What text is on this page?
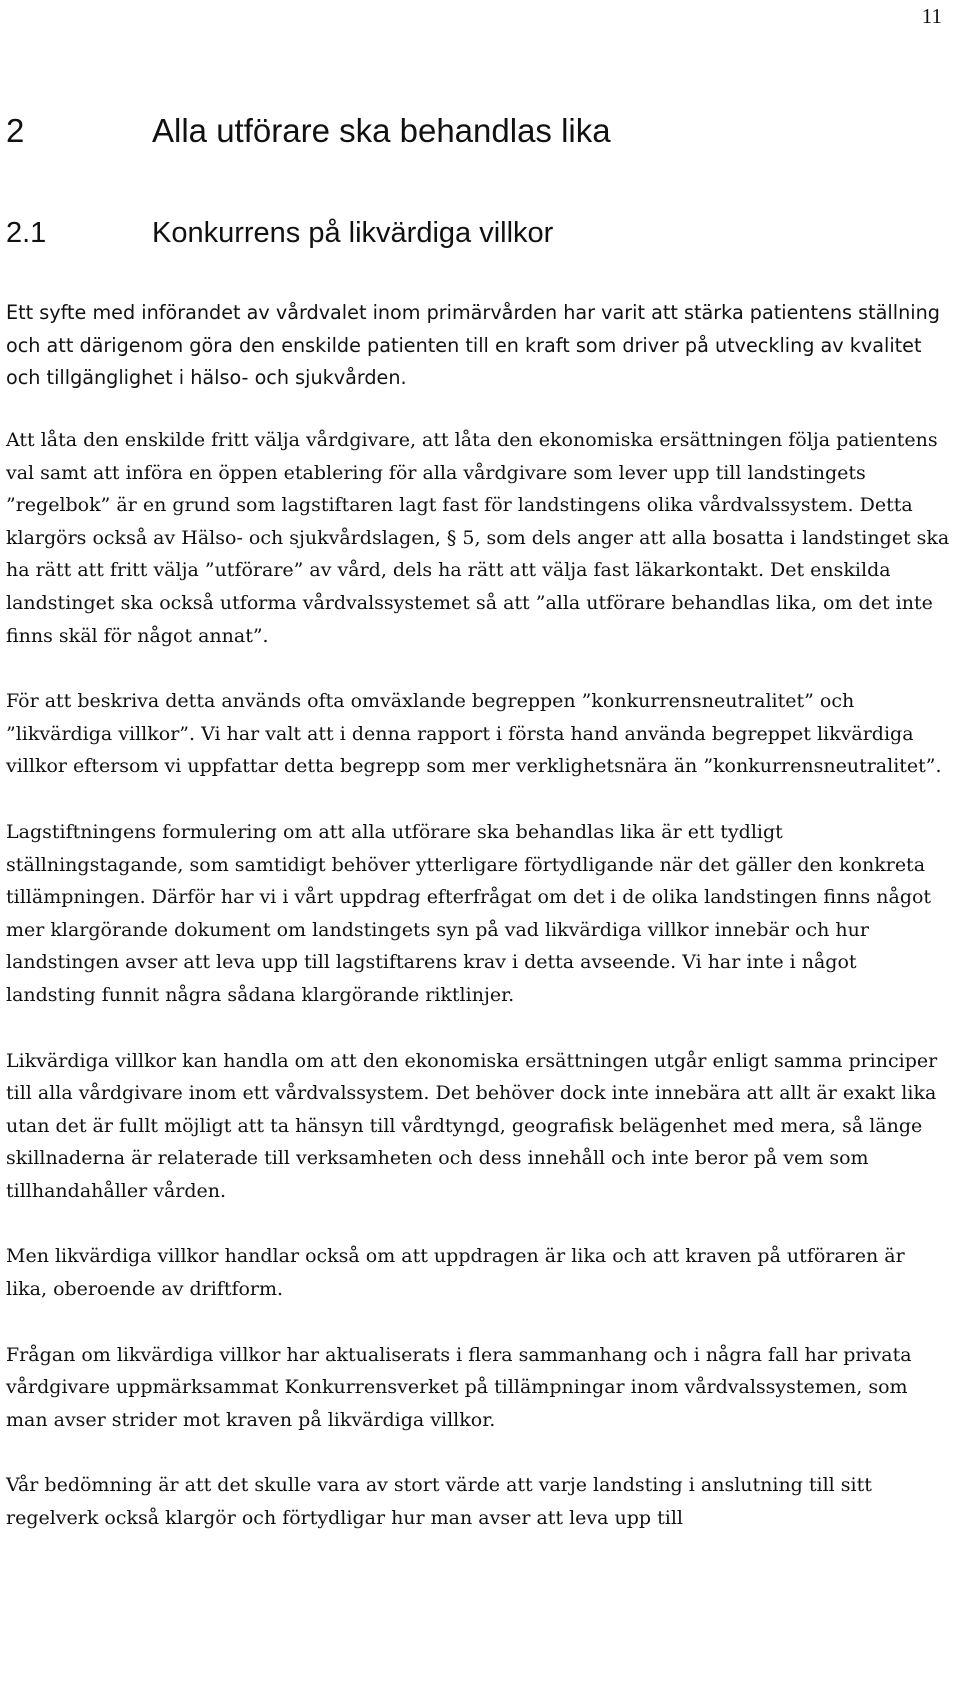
11
2	Alla utförare ska behandlas lika
2.1	Konkurrens på likvärdiga villkor

Ett syfte med införandet av vårdvalet inom primärvården har varit att stärka patientens ställning och att därigenom göra den enskilde patienten till en kraft som driver på utveckling av kvalitet och tillgänglighet i hälso- och sjukvården.

Att låta den enskilde fritt välja vårdgivare, att låta den ekonomiska ersättningen följa patientens val samt att införa en öppen etablering för alla vårdgivare som lever upp till landstingets ”regelbok” är en grund som lagstiftaren lagt fast för landstingens olika vårdvalssystem. Detta klargörs också av Hälso- och sjukvårdslagen, § 5, som dels anger att alla bosatta i landstinget ska ha rätt att fritt välja ”utförare” av vård, dels ha rätt att välja fast läkarkontakt. Det enskilda landstinget ska också utforma vårdvalssystemet så att ”alla utförare behandlas lika, om det inte finns skäl för något annat”.

För att beskriva detta används ofta omväxlande begreppen ”konkurrensneutralitet” och ”likvärdiga villkor”. Vi har valt att i denna rapport i första hand använda begreppet likvärdiga villkor eftersom vi uppfattar detta begrepp som mer verklighetsnära än ”konkurrensneutralitet”.

Lagstiftningens formulering om att alla utförare ska behandlas lika är ett tydligt ställningstagande, som samtidigt behöver ytterligare förtydligande när det gäller den konkreta tillämpningen. Därför har vi i vårt uppdrag efterfrågat om det i de olika landstingen finns något mer klargörande dokument om landstingets syn på vad likvärdiga villkor innebär och hur landstingen avser att leva upp till lagstiftarens krav i detta avseende. Vi har inte i något landsting funnit några sådana klargörande riktlinjer.

Likvärdiga villkor kan handla om att den ekonomiska ersättningen utgår enligt samma principer till alla vårdgivare inom ett vårdvalssystem. Det behöver dock inte innebära att allt är exakt lika utan det är fullt möjligt att ta hänsyn till vårdtyngd, geografisk belägenhet med mera, så länge skillnaderna är relaterade till verksamheten och dess innehåll och inte beror på vem som tillhandahåller vården.

Men likvärdiga villkor handlar också om att uppdragen är lika och att kraven på utföraren är lika, oberoende av driftform.

Frågan om likvärdiga villkor har aktualiserats i flera sammanhang och i några fall har privata vårdgivare uppmärksammat Konkurrensverket på tillämpningar inom vårdvalssystemen, som man avser strider mot kraven på likvärdiga villkor.

Vår bedömning är att det skulle vara av stort värde att varje landsting i anslutning till sitt regelverk också klargör och förtydligar hur man avser att leva upp till
